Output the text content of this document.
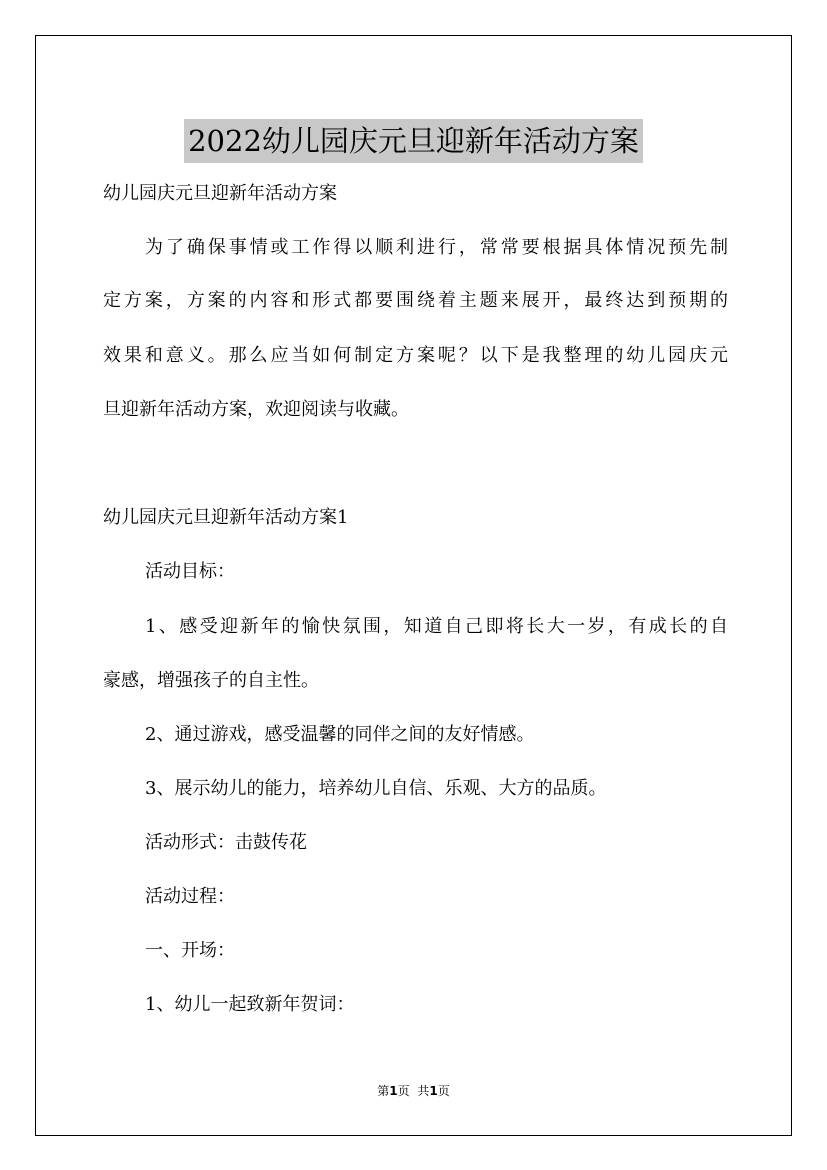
2022幼儿园庆元旦迎新年活动方案

幼儿园庆元旦迎新年活动方案

为了确保事情或工作得以顺利进行，常常要根据具体情况预先制

定方案，方案的内容和形式都要围绕着主题来展开，最终达到预期的

效果和意义。那么应当如何制定方案呢？以下是我整理的幼儿园庆元

旦迎新年活动方案，欢迎阅读与收藏。

幼儿园庆元旦迎新年活动方案1

活动目标：

1、感受迎新年的愉快氛围，知道自己即将长大一岁，有成长的自

豪感，增强孩子的自主性。

2、通过游戏，感受温馨的同伴之间的友好情感。

3、展示幼儿的能力，培养幼儿自信、乐观、大方的品质。

活动形式：击鼓传花

活动过程：

一、开场：

1、幼儿一起致新年贺词：

第1页 共1页
